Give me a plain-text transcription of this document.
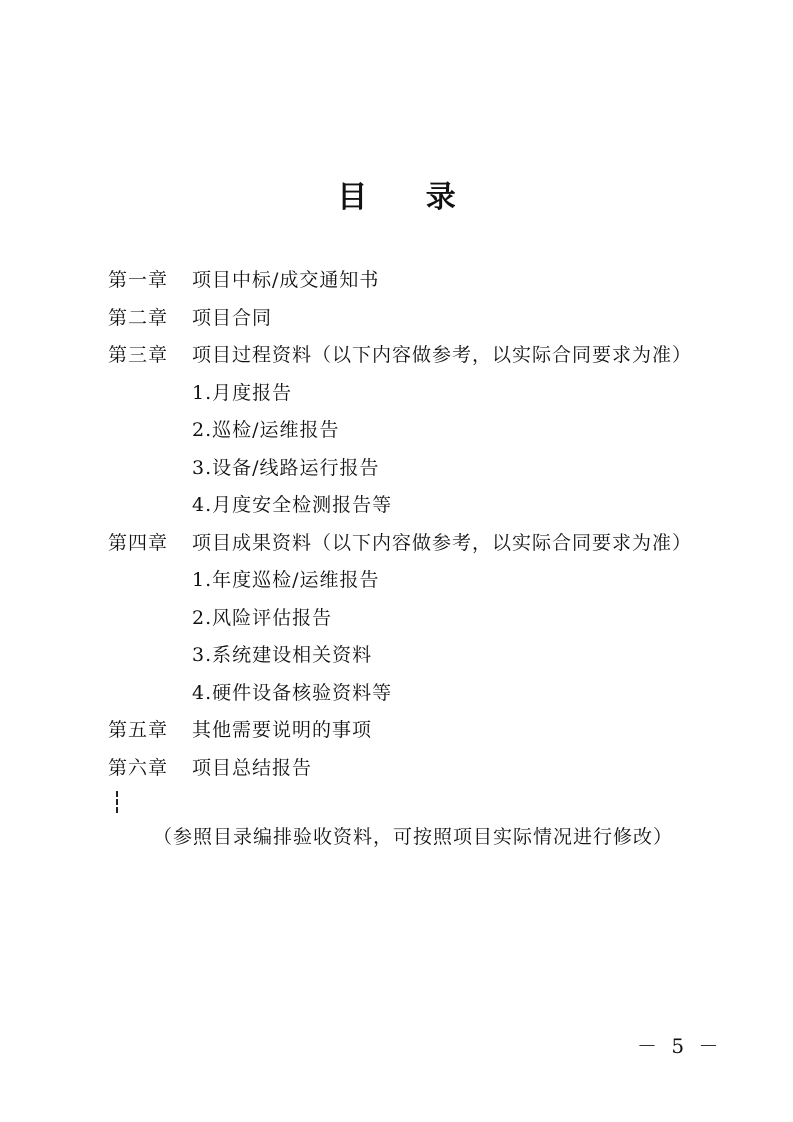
目 录
第一章 项目中标/成交通知书
第二章 项目合同
第三章 项目过程资料（以下内容做参考，以实际合同要求为准）
1.月度报告
2.巡检/运维报告
3.设备/线路运行报告
4.月度安全检测报告等
第四章 项目成果资料（以下内容做参考，以实际合同要求为准）
1.年度巡检/运维报告
2.风险评估报告
3.系统建设相关资料
4.硬件设备核验资料等
第五章 其他需要说明的事项
第六章 项目总结报告
（参照目录编排验收资料，可按照项目实际情况进行修改）
－ 5 －
